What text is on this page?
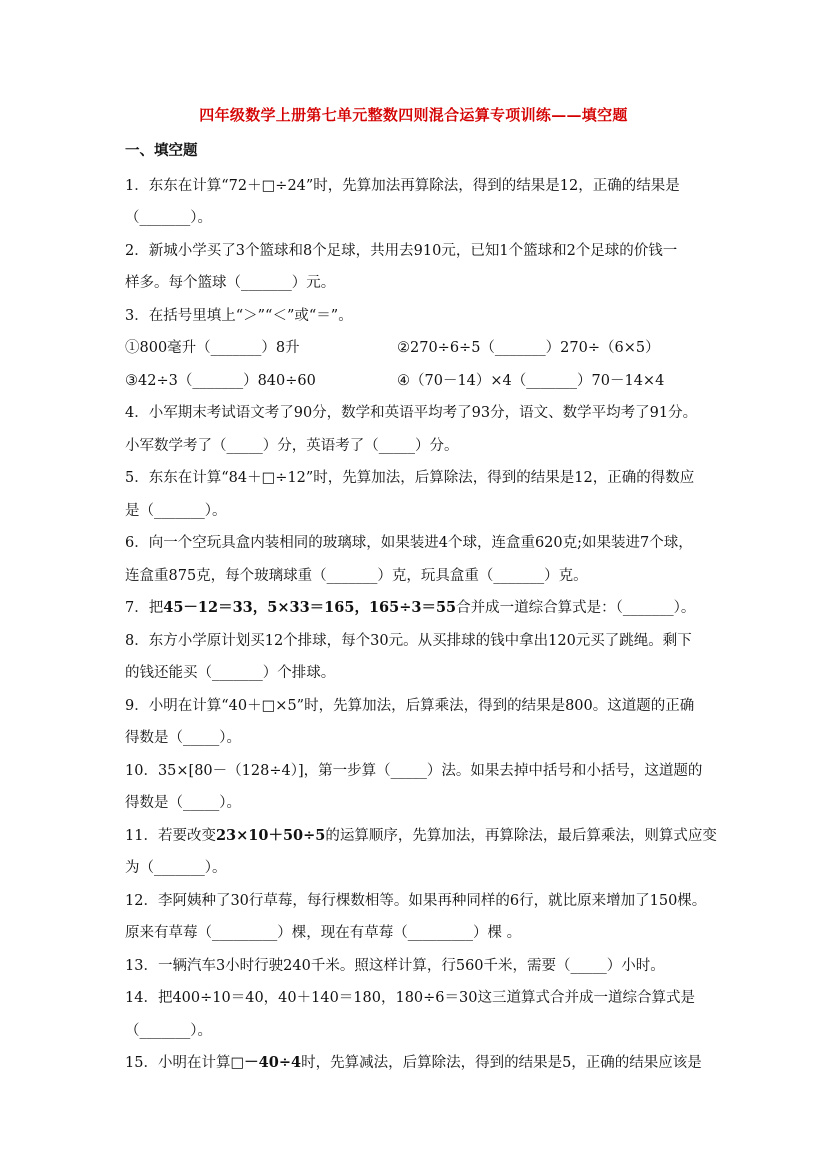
四年级数学上册第七单元整数四则混合运算专项训练——填空题
一、填空题
1．东东在计算“72＋□÷24”时，先算加法再算除法，得到的结果是12，正确的结果是
（_______）。
2．新城小学买了3个篮球和8个足球，共用去910元，已知1个篮球和2个足球的价钱一
样多。每个篮球（_______）元。
3．在括号里填上“＞”“＜”或“＝”。
①800毫升（_______）8升	②270÷6÷5（_______）270÷（6×5）
③42÷3（_______）840÷60	④（70－14）×4（_______）70－14×4
4．小军期末考试语文考了90分，数学和英语平均考了93分，语文、数学平均考了91分。
小军数学考了（_____）分，英语考了（_____）分。
5．东东在计算“84＋□÷12”时，先算加法，后算除法，得到的结果是12，正确的得数应
是（_______）。
6．向一个空玩具盒内装相同的玻璃球，如果装进4个球，连盒重620克;如果装进7个球，
连盒重875克，每个玻璃球重（_______）克，玩具盒重（_______）克。
7．把45－12＝33，5×33＝165，165÷3＝55合并成一道综合算式是：（_______）。
8．东方小学原计划买12个排球，每个30元。从买排球的钱中拿出120元买了跳绳。剩下
的钱还能买（_______）个排球。
9．小明在计算“40＋□×5”时，先算加法，后算乘法，得到的结果是800。这道题的正确
得数是（_____）。
10．35×[80－（128÷4）]，第一步算（_____）法。如果去掉中括号和小括号，这道题的
得数是（_____）。
11．若要改变23×10＋50÷5的运算顺序，先算加法，再算除法，最后算乘法，则算式应变
为（_______）。
12．李阿姨种了30行草莓，每行棵数相等。如果再种同样的6行，就比原来增加了150棵。
原来有草莓（_________）棵，现在有草莓（_________）棵 。
13．一辆汽车3小时行驶240千米。照这样计算，行560千米，需要（_____）小时。
14．把400÷10＝40，40＋140＝180，180÷6＝30这三道算式合并成一道综合算式是
（_______）。
15．小明在计算□－40÷4时，先算减法，后算除法，得到的结果是5，正确的结果应该是
